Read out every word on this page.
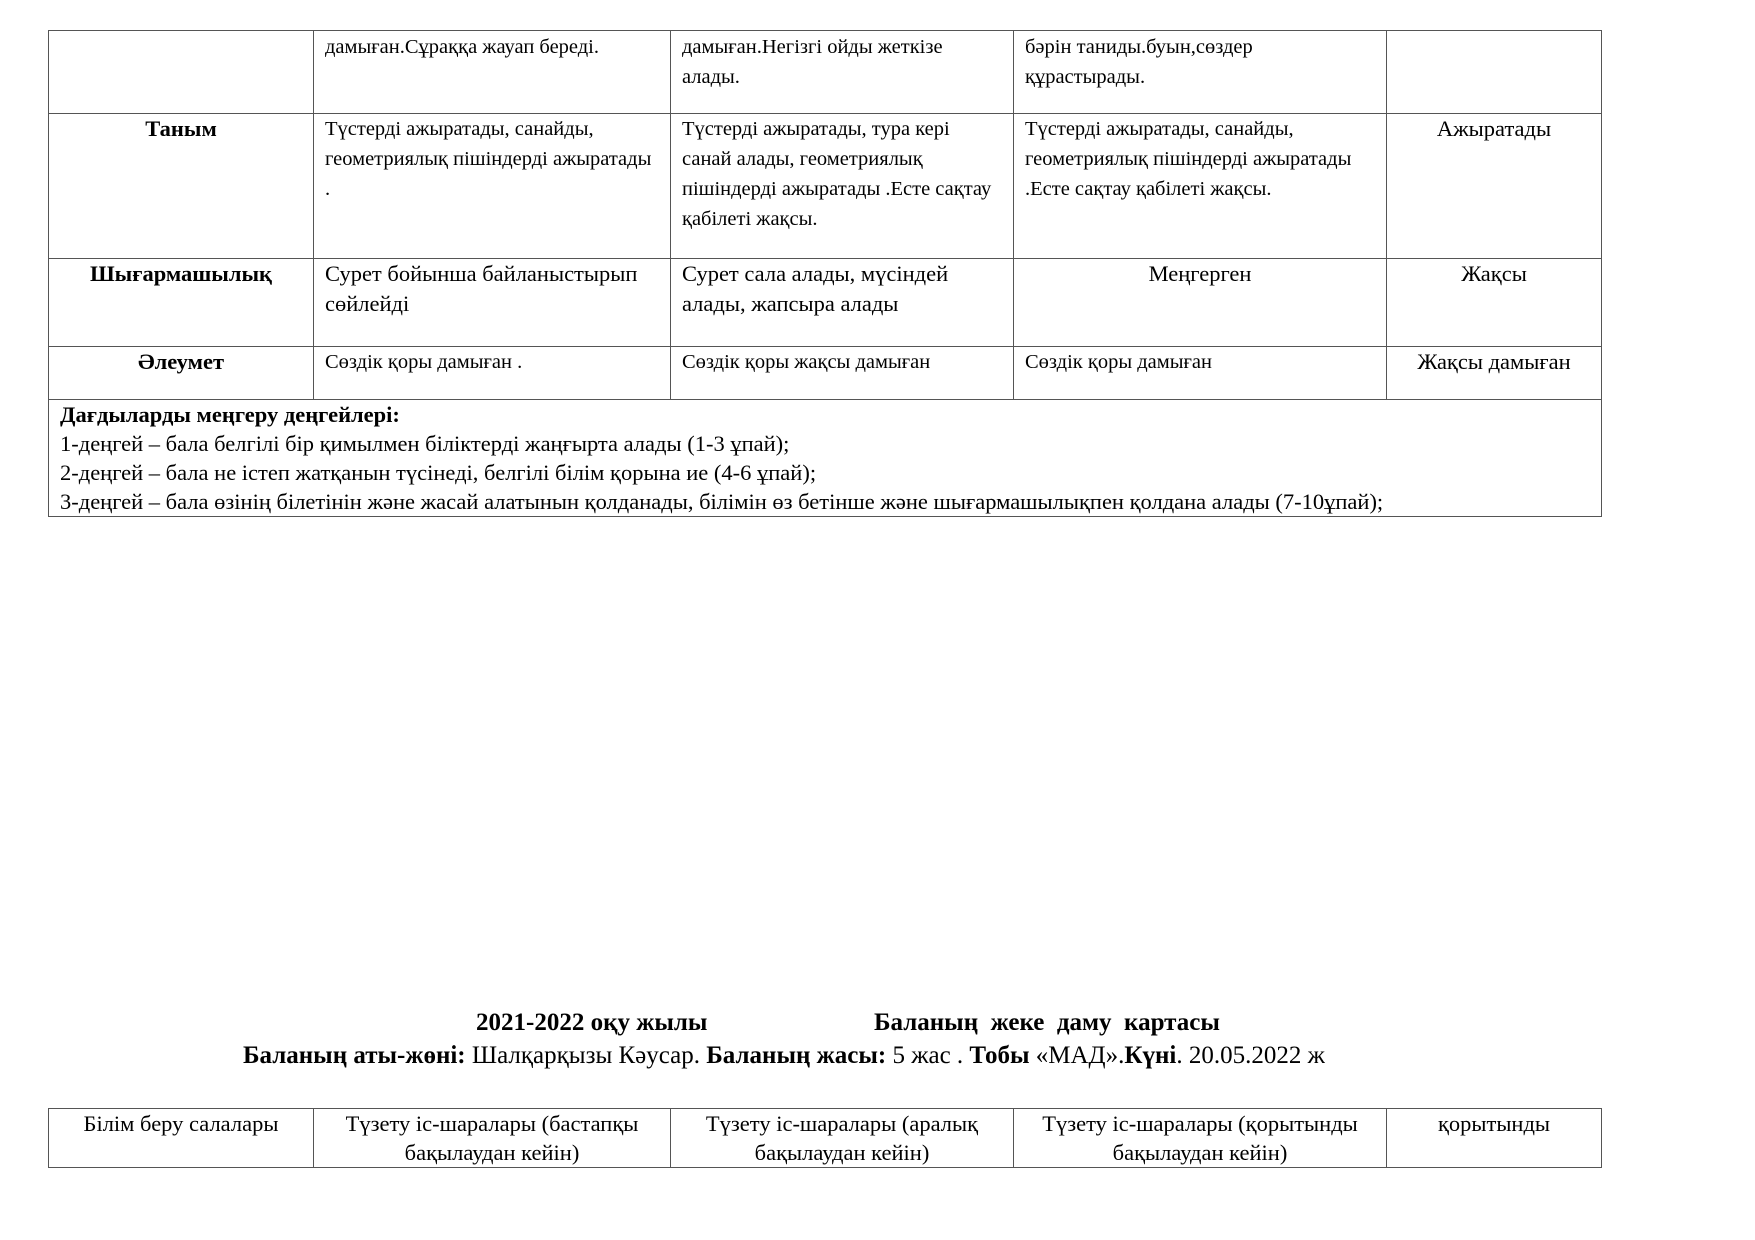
	дамыған.Сұраққа жауап береді.	дамыған.Негізгі ойды жеткізе алады.	бәрін таниды.буын,сөздер құрастырады.	
Таным	Түстерді ажыратады, санайды, геометриялық пішіндерді ажыратады .	Түстерді ажыратады, тура кері санай алады, геометриялық пішіндерді ажыратады .Есте сақтау қабілеті жақсы.	Түстерді ажыратады, санайды, геометриялық пішіндерді ажыратады .Есте сақтау қабілеті жақсы.	Ажыратады
Шығармашылық	Сурет бойынша байланыстырып сөйлейді	Сурет сала алады, мүсіндей алады, жапсыра алады	Меңгерген	Жақсы
Әлеумет	Сөздік қоры дамыған .	Сөздік қоры жақсы дамыған	Сөздік қоры дамыған	Жақсы дамыған

Дағдыларды меңгеру деңгейлері:
1-деңгей – бала белгілі бір қимылмен біліктерді жаңғырта алады (1-3 ұпай);
2-деңгей – бала не істеп жатқанын түсінеді, белгілі білім қорына ие (4-6 ұпай);
3-деңгей – бала өзінің білетінін және жасай алатынын қолданады, білімін өз бетінше және шығармашылықпен қолдана алады (7-10ұпай);				
2021-2022 оқу жылы	Баланың  жеке  даму  картасы
Баланың аты-жөні: Шалқарқызы Кәусар. Баланың жасы: 5 жас . Тобы «МАД».Күні. 20.05.2022 ж
Білім беру салалары	Түзету іс-шаралары (бастапқы бақылаудан кейін)	Түзету іс-шаралары (аралық бақылаудан кейін)	Түзету іс-шаралары (қорытынды бақылаудан кейін)	қорытынды
